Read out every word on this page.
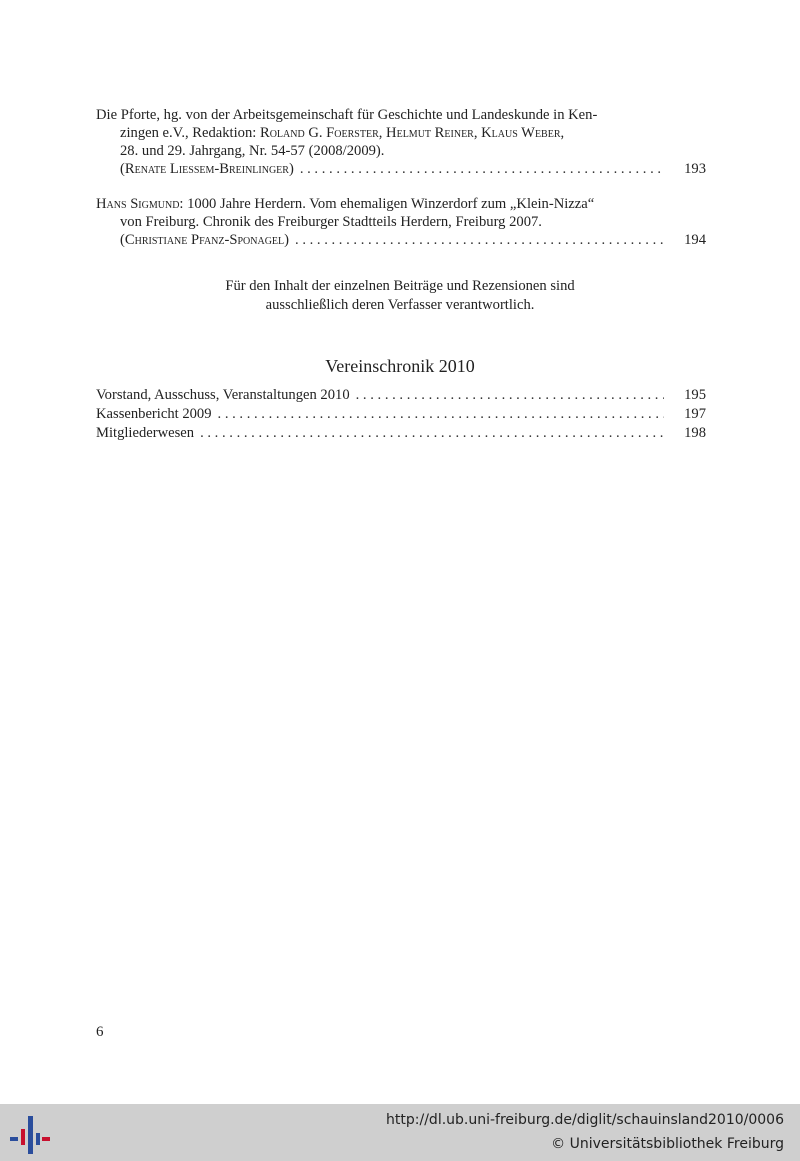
Die Pforte, hg. von der Arbeitsgemeinschaft für Geschichte und Landeskunde in Ken-
zingen e.V., Redaktion: Roland G. Foerster, Helmut Reiner, Klaus Weber,
28. und 29. Jahrgang, Nr. 54-57 (2008/2009).
(Renate Liessem-Breinlinger) . . .	193
Hans Sigmund: 1000 Jahre Herdern. Vom ehemaligen Winzerdorf zum „Klein-Nizza“
von Freiburg. Chronik des Freiburger Stadtteils Herdern, Freiburg 2007.
(Christiane Pfanz-Sponagel) . . .	194
Für den Inhalt der einzelnen Beiträge und Rezensionen sind
ausschließlich deren Verfasser verantwortlich.
Vereinschronik 2010
Vorstand, Ausschuss, Veranstaltungen 2010 . . .	195
Kassenbericht 2009 . . .	197
Mitgliederwesen . . .	198
6
http://dl.ub.uni-freiburg.de/diglit/schauinsland2010/0006
© Universitätsbibliothek Freiburg
